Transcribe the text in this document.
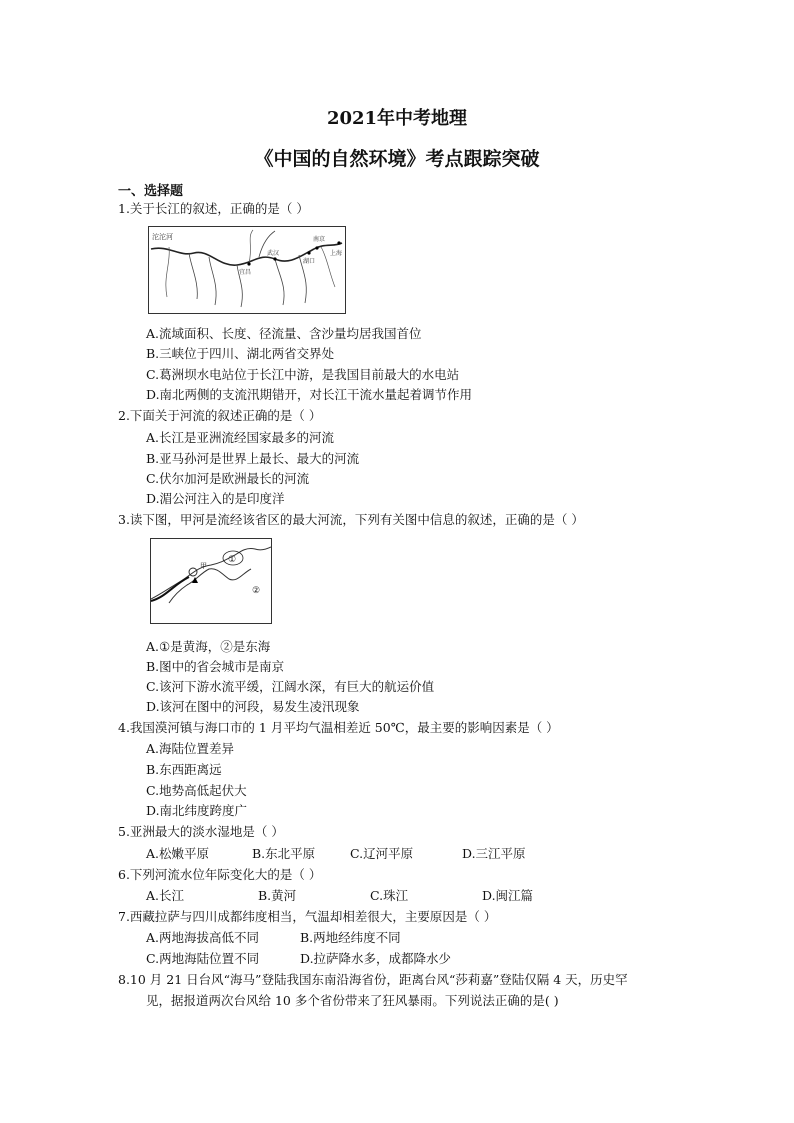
2021年中考地理
《中国的自然环境》考点跟踪突破
一、选择题
1.关于长江的叙述，正确的是（ ）
沱沱河
宜昌
武汉
南京
湖口
上海
A.流域面积、长度、径流量、含沙量均居我国首位
B.三峡位于四川、湖北两省交界处
C.葛洲坝水电站位于长江中游，是我国目前最大的水电站
D.南北两侧的支流汛期错开，对长江干流水量起着调节作用
2.下面关于河流的叙述正确的是（ ）
A.长江是亚洲流经国家最多的河流
B.亚马孙河是世界上最长、最大的河流
C.伏尔加河是欧洲最长的河流
D.湄公河注入的是印度洋
3.读下图，甲河是流经该省区的最大河流，下列有关图中信息的叙述，正确的是（ ）
甲
①
②
A.①是黄海，②是东海
B.图中的省会城市是南京
C.该河下游水流平缓，江阔水深，有巨大的航运价值
D.该河在图中的河段，易发生凌汛现象
4.我国漠河镇与海口市的 1 月平均气温相差近 50℃，最主要的影响因素是（ ）
A.海陆位置差异
B.东西距离远
C.地势高低起伏大
D.南北纬度跨度广
5.亚洲最大的淡水湿地是（ ）
A.松嫩平原	B.东北平原	C.辽河平原	D.三江平原
6.下列河流水位年际变化大的是（ ）
A.长江	B.黄河	C.珠江	D.闽江篇
7.西藏拉萨与四川成都纬度相当，气温却相差很大，主要原因是（ ）
A.两地海拔高低不同	B.两地经纬度不同
C.两地海陆位置不同	D.拉萨降水多，成都降水少
8.10 月 21 日台风“海马”登陆我国东南沿海省份，距离台风“莎莉嘉”登陆仅隔 4 天，历史罕
见，据报道两次台风给 10 多个省份带来了狂风暴雨。下列说法正确的是( )
